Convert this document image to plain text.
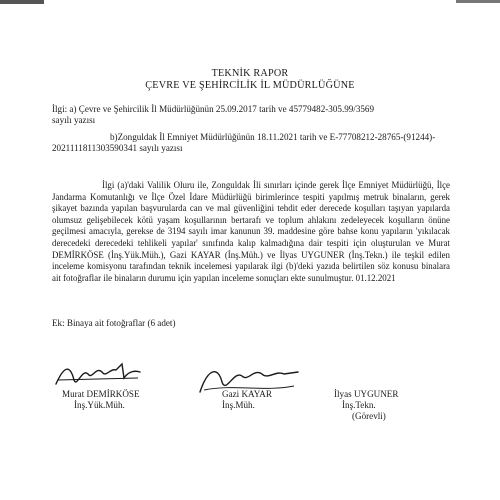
TEKNİK RAPOR
ÇEVRE VE ŞEHİRCİLİK İL MÜDÜRLÜĞÜNE
İlgi: a) Çevre ve Şehircilik İl Müdürlüğünün 25.09.2017 tarih ve 45779482-305.99/3569
sayılı yazısı
b)Zonguldak İl Emniyet Müdürlüğünün 18.11.2021 tarih ve E-77708212-28765-(91244)-
2021111811303590341 sayılı yazısı
İlgi (a)'daki Valilik Oluru ile, Zonguldak İli sınırları içinde gerek İlçe Emniyet Müdürlüğü, İlçe Jandarma Komutanlığı ve İlçe Özel İdare Müdürlüğü birimlerince tespiti yapılmış metruk binaların, gerek şikayet bazında yapılan başvurularda can ve mal güvenliğini tehdit eder derecede koşulları taşıyan yapılarda olumsuz gelişebilecek kötü yaşam koşullarının bertarafı ve toplum ahlakını zedeleyecek koşulların önüne geçilmesi amacıyla, gerekse de 3194 sayılı imar kanunun 39. maddesine göre bahse konu yapıların 'yıkılacak derecedeki derecedeki tehlikeli yapılar' sınıfında kalıp kalmadığına dair tespiti için oluşturulan ve Murat DEMİRKÖSE (İnş.Yük.Müh.), Gazi KAYAR (İnş.Müh.) ve İlyas UYGUNER (İnş.Tekn.) ile teşkil edilen inceleme komisyonu tarafından teknik incelemesi yapılarak ilgi (b)'deki yazıda belirtilen söz konusu binalara ait fotoğraflar ile binaların durumu için yapılan inceleme sonuçları ekte sunulmuştur. 01.12.2021
Ek: Binaya ait fotoğraflar (6 adet)
Murat DEMİRKÖSE
İnş.Yük.Müh.
Gazi KAYAR
İnş.Müh.
İlyas UYGUNER
İnş.Tekn.
(Görevli)
